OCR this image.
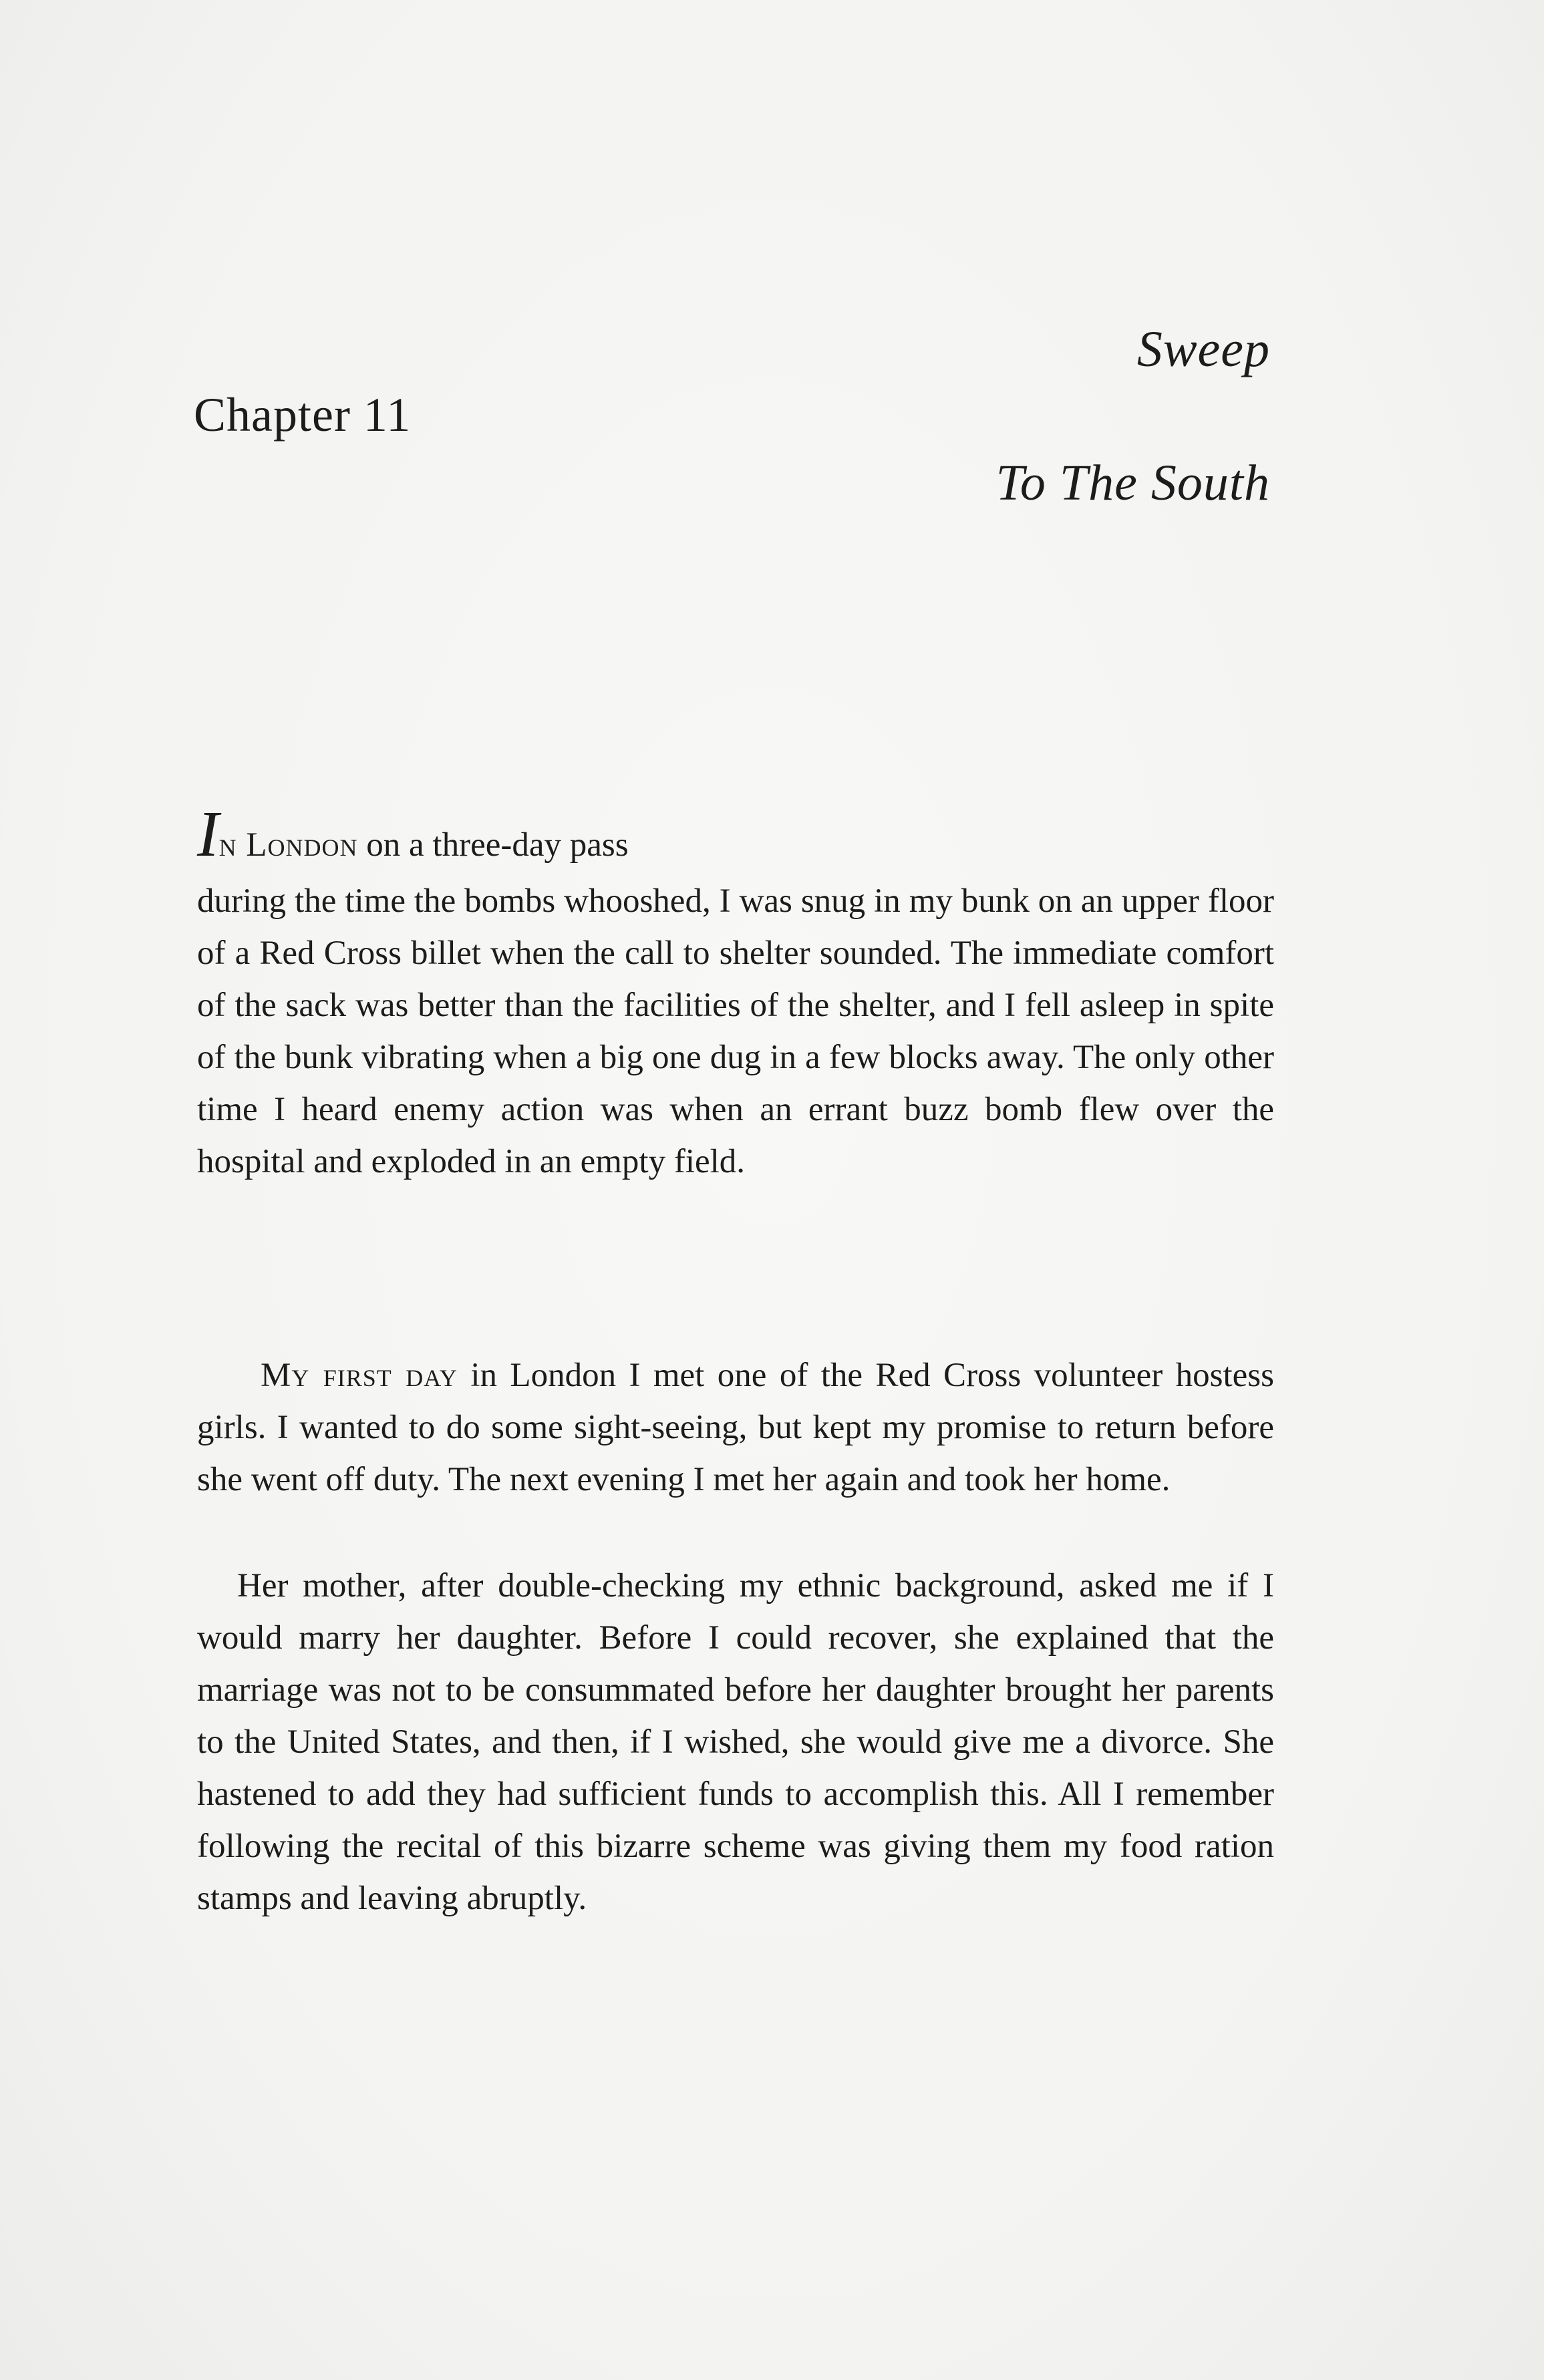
Chapter 11
Sweep
To The South
In London on a three-day pass
during the time the bombs whooshed, I was snug in my bunk on an upper floor of a Red Cross billet when the call to shelter sounded. The immediate comfort of the sack was better than the facilities of the shelter, and I fell asleep in spite of the bunk vibrating when a big one dug in a few blocks away. The only other time I heard enemy action was when an errant buzz bomb flew over the hospital and exploded in an empty field.
My first day in London I met one of the Red Cross volunteer hostess girls. I wanted to do some sight-seeing, but kept my promise to return before she went off duty. The next evening I met her again and took her home.
Her mother, after double-checking my ethnic background, asked me if I would marry her daughter. Before I could recover, she explained that the marriage was not to be consummated before her daughter brought her parents to the United States, and then, if I wished, she would give me a divorce. She hastened to add they had sufficient funds to accomplish this. All I remember following the recital of this bizarre scheme was giving them my food ration stamps and leaving abruptly.
